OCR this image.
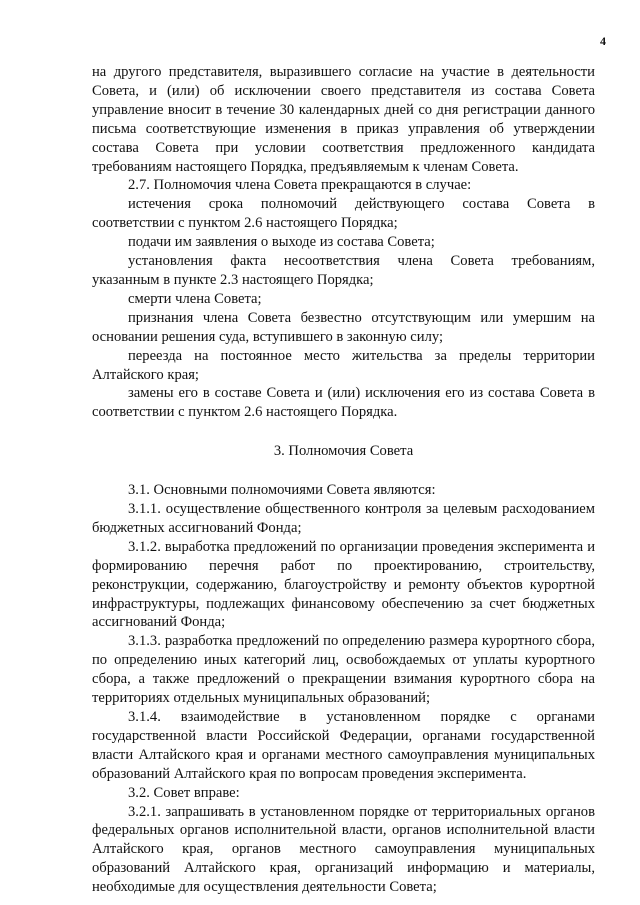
4

на другого представителя, выразившего согласие на участие в деятельности Совета, и (или) об исключении своего представителя из состава Совета управление вносит в течение 30 календарных дней со дня регистрации данного письма соответствующие изменения в приказ управления об утверждении состава Совета при условии соответствия предложенного кандидата требованиям настоящего Порядка, предъявляемым к членам Совета.

2.7. Полномочия члена Совета прекращаются в случае:

истечения срока полномочий действующего состава Совета в соответствии с пунктом 2.6 настоящего Порядка;

подачи им заявления о выходе из состава Совета;

установления факта несоответствия члена Совета требованиям, указанным в пункте 2.3 настоящего Порядка;

смерти члена Совета;

признания члена Совета безвестно отсутствующим или умершим на основании решения суда, вступившего в законную силу;

переезда на постоянное место жительства за пределы территории Алтайского края;

замены его в составе Совета и (или) исключения его из состава Совета в соответствии с пунктом 2.6 настоящего Порядка.

3. Полномочия Совета

3.1. Основными полномочиями Совета являются:

3.1.1. осуществление общественного контроля за целевым расходованием бюджетных ассигнований Фонда;

3.1.2. выработка предложений по организации проведения эксперимента и формированию перечня работ по проектированию, строительству, реконструкции, содержанию, благоустройству и ремонту объектов курортной инфраструктуры, подлежащих финансовому обеспечению за счет бюджетных ассигнований Фонда;

3.1.3. разработка предложений по определению размера курортного сбора, по определению иных категорий лиц, освобождаемых от уплаты курортного сбора, а также предложений о прекращении взимания курортного сбора на территориях отдельных муниципальных образований;

3.1.4. взаимодействие в установленном порядке с органами государственной власти Российской Федерации, органами государственной власти Алтайского края и органами местного самоуправления муниципальных образований Алтайского края по вопросам проведения эксперимента.

3.2. Совет вправе:

3.2.1. запрашивать в установленном порядке от территориальных органов федеральных органов исполнительной власти, органов исполнительной власти Алтайского края, органов местного самоуправления муниципальных образований Алтайского края, организаций информацию и материалы, необходимые для осуществления деятельности Совета;
